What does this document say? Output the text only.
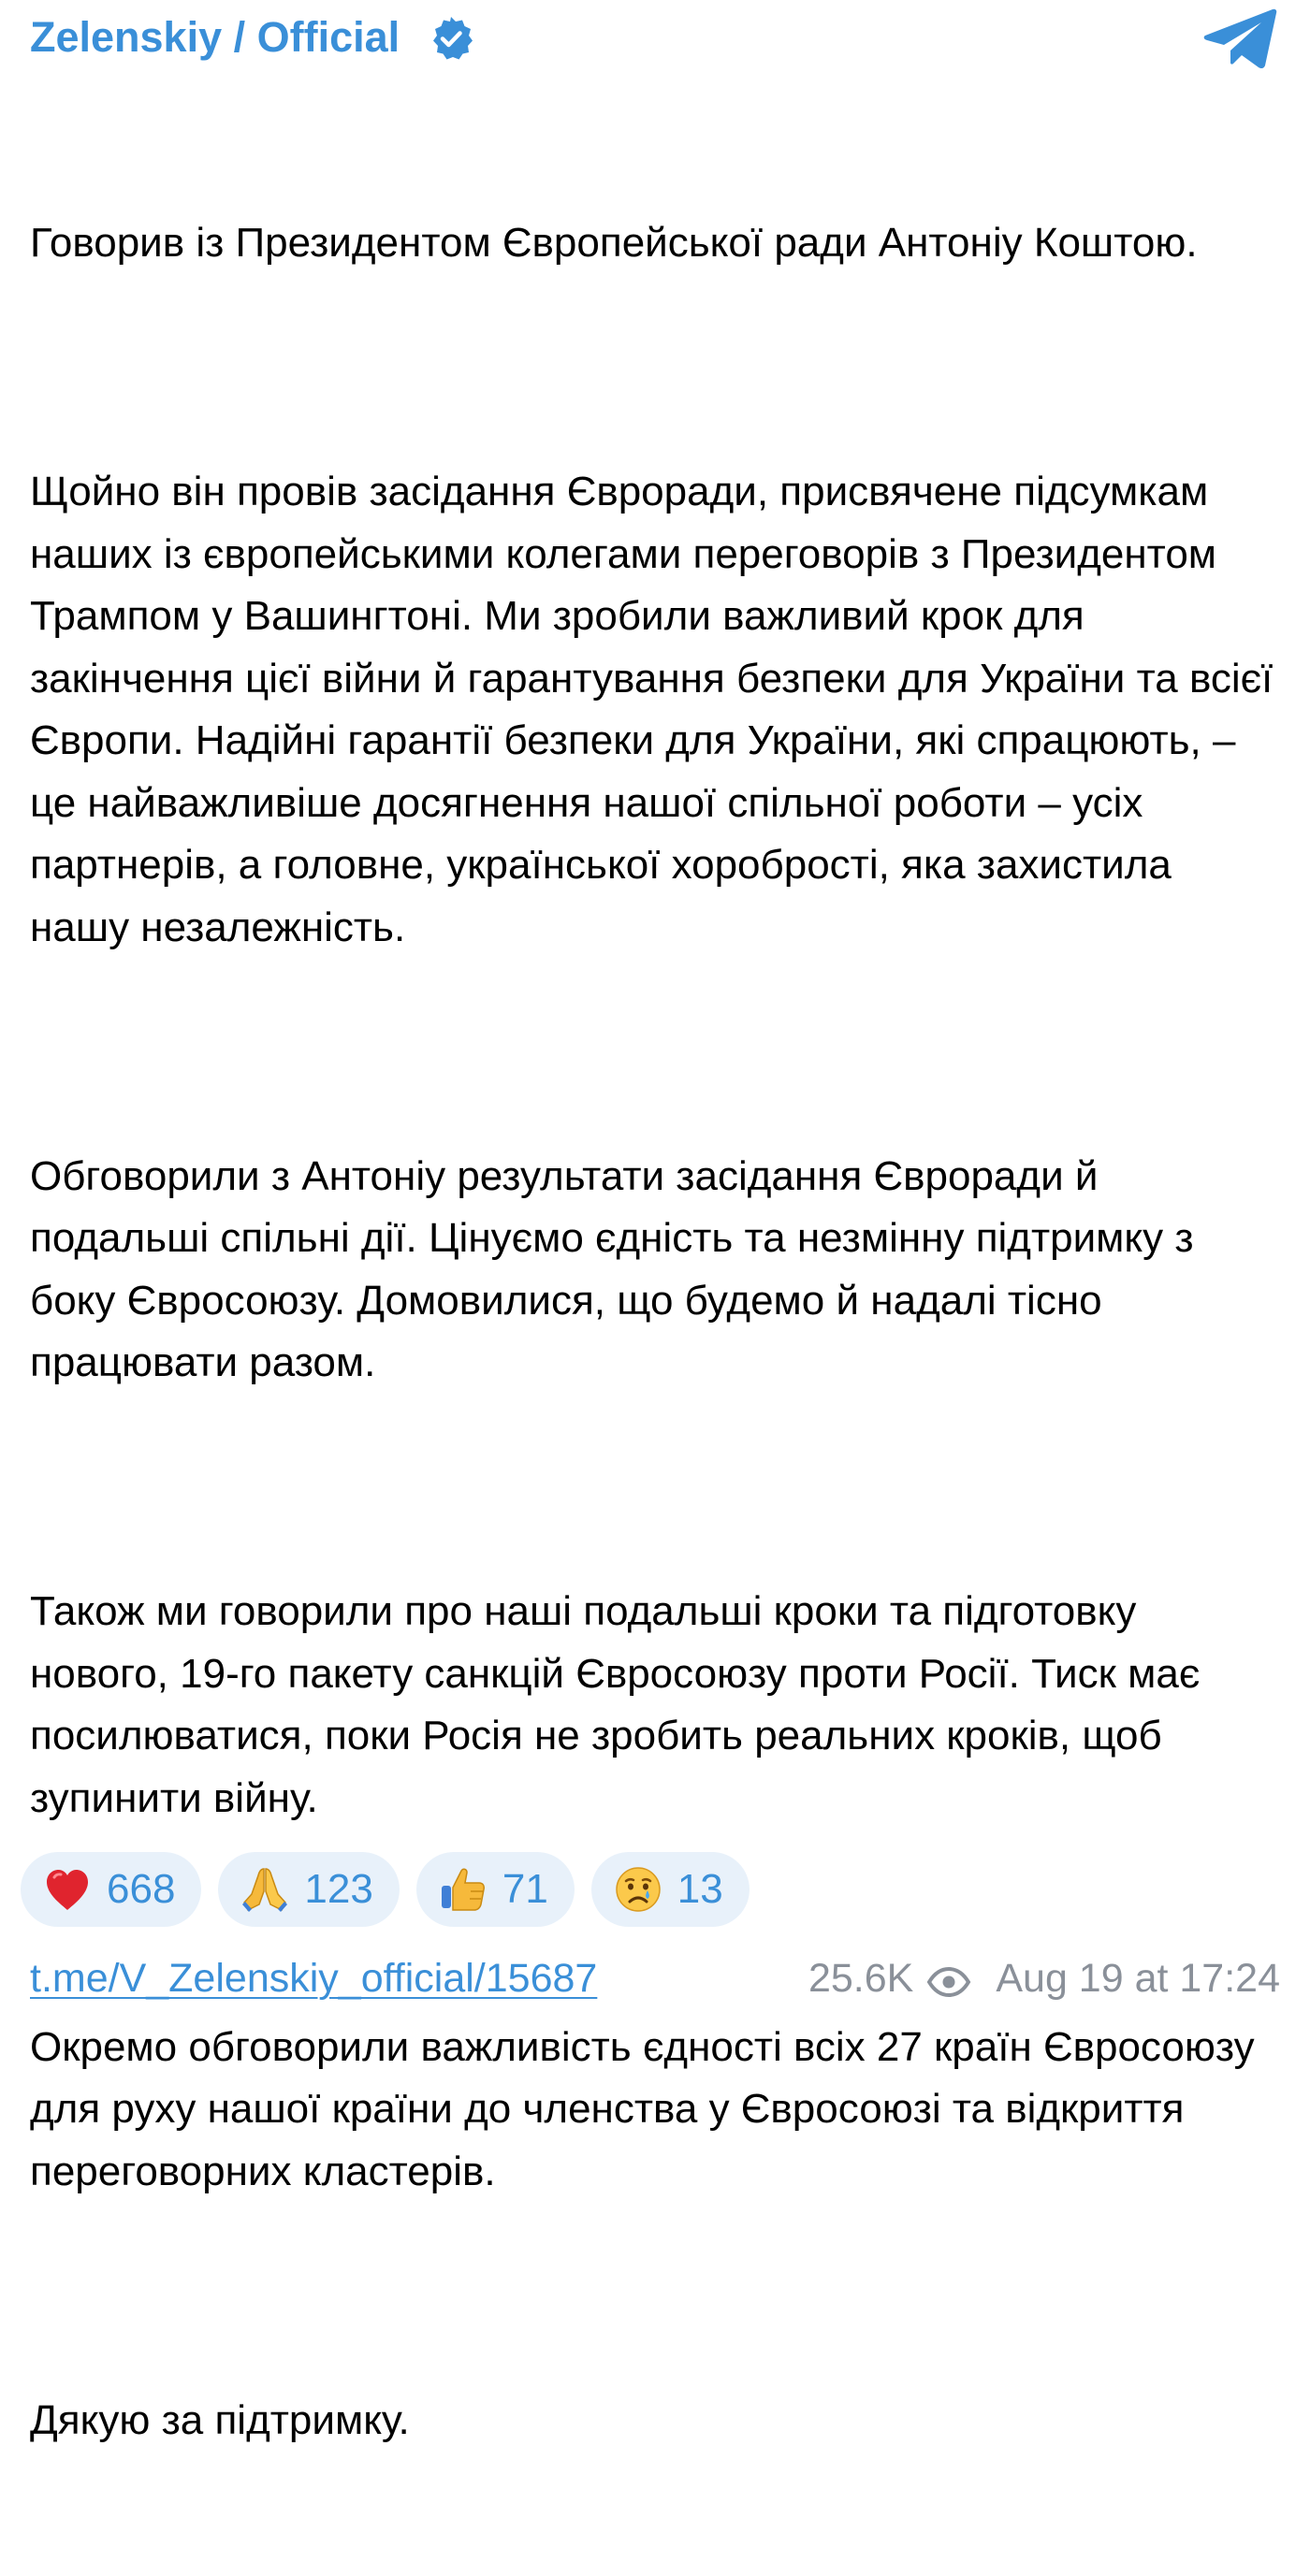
Zelenskiy / Official

Говорив із Президентом Європейської ради Антоніу Коштою.

Щойно він провів засідання Євроради, присвячене підсумкам наших із європейськими колегами переговорів з Президентом Трампом у Вашингтоні. Ми зробили важливий крок для закінчення цієї війни й гарантування безпеки для України та всієї Європи. Надійні гарантії безпеки для України, які спрацюють, – це найважливіше досягнення нашої спільної роботи – усіх партнерів, а головне, української хоробрості, яка захистила нашу незалежність.

Обговорили з Антоніу результати засідання Євроради й подальші спільні дії. Цінуємо єдність та незмінну підтримку з боку Євросоюзу. Домовилися, що будемо й надалі тісно працювати разом.

Також ми говорили про наші подальші кроки та підготовку нового, 19-го пакету санкцій Євросоюзу проти Росії. Тиск має посилюватися, поки Росія не зробить реальних кроків, щоб зупинити війну.

Окремо обговорили важливість єдності всіх 27 країн Євросоюзу для руху нашої країни до членства у Євросоюзі та відкриття переговорних кластерів.

Дякую за підтримку.

668	123	71	13
t.me/V_Zelenskiy_official/15687	25.6K Aug 19 at 17:24
